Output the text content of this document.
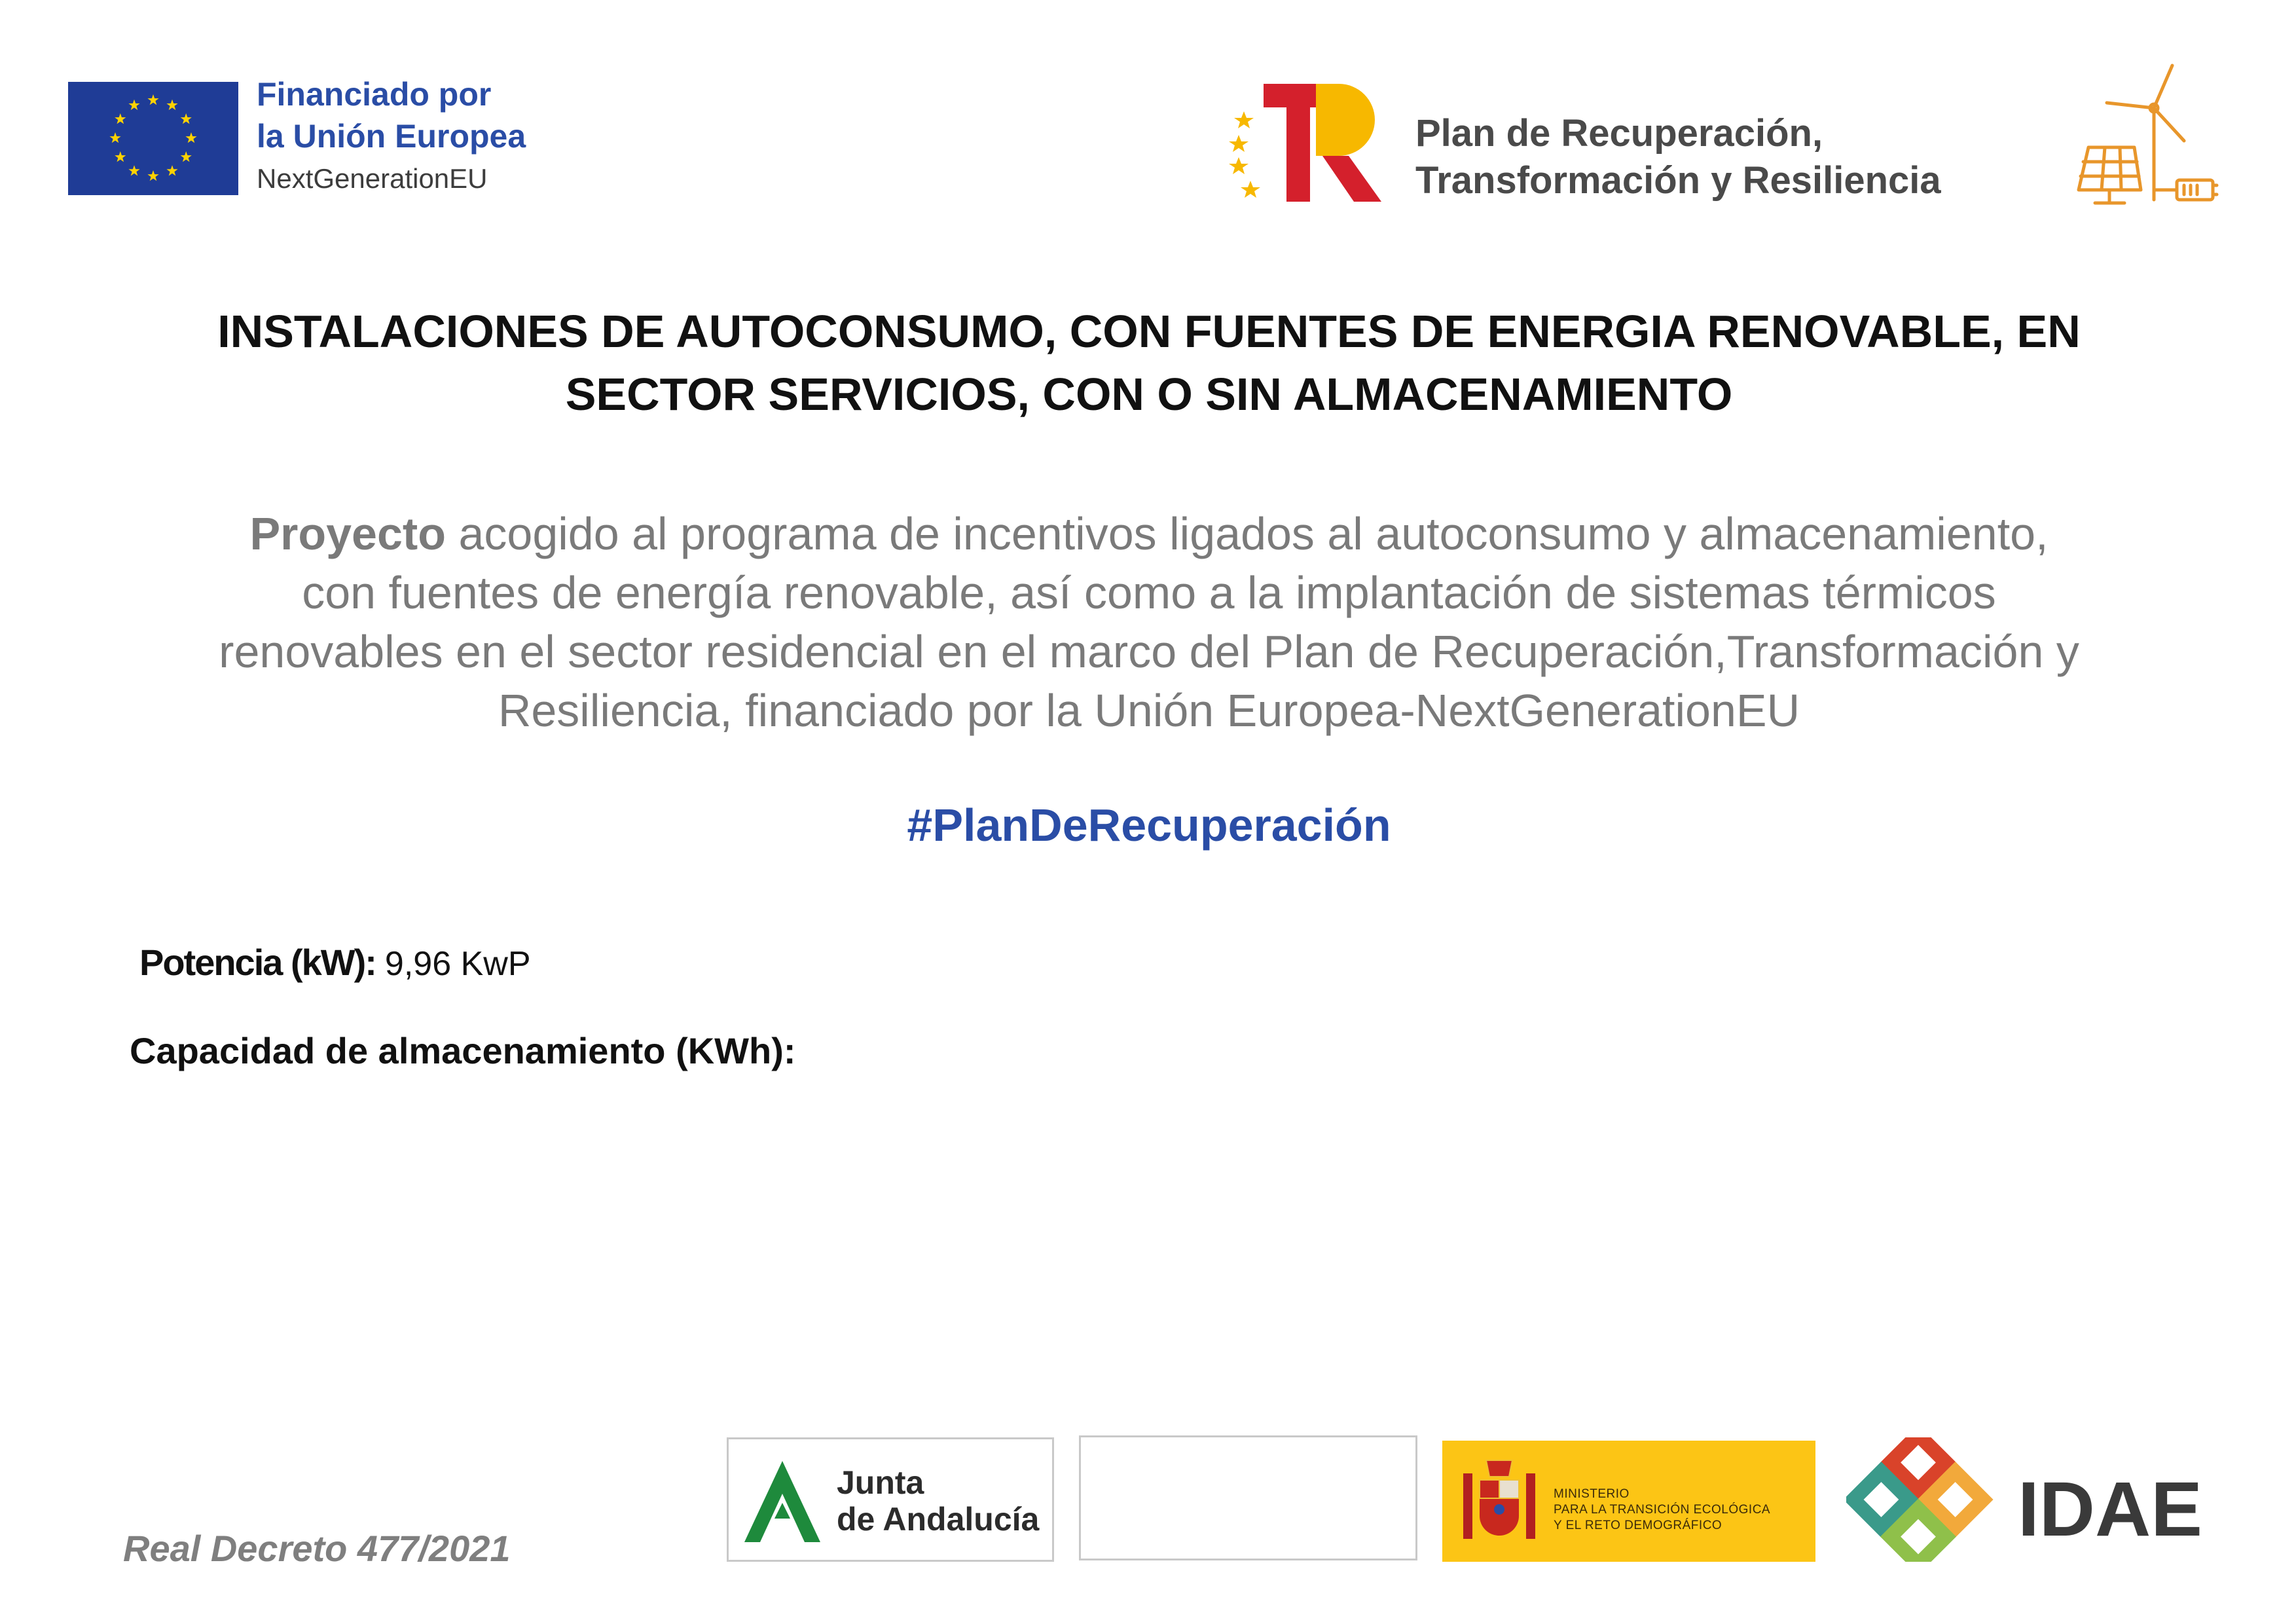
Financiado por
la Unión Europea
NextGenerationEU
Plan de Recuperación,
Transformación y Resiliencia
INSTALACIONES DE AUTOCONSUMO, CON FUENTES DE ENERGIA RENOVABLE, EN
SECTOR SERVICIOS, CON O SIN ALMACENAMIENTO
Proyecto acogido al programa de incentivos ligados al autoconsumo y almacenamiento,
con fuentes de energía renovable, así como a la implantación de sistemas térmicos
renovables en el sector residencial en el marco del Plan de Recuperación,Transformación y
Resiliencia, financiado por la Unión Europea-NextGenerationEU
#PlanDeRecuperación
Potencia (kW): 9,96 KwP
Capacidad de almacenamiento (KWh):
Real Decreto 477/2021
Junta
de Andalucía
MINISTERIO
PARA LA TRANSICIÓN ECOLÓGICA
Y EL RETO DEMOGRÁFICO	IDAE
